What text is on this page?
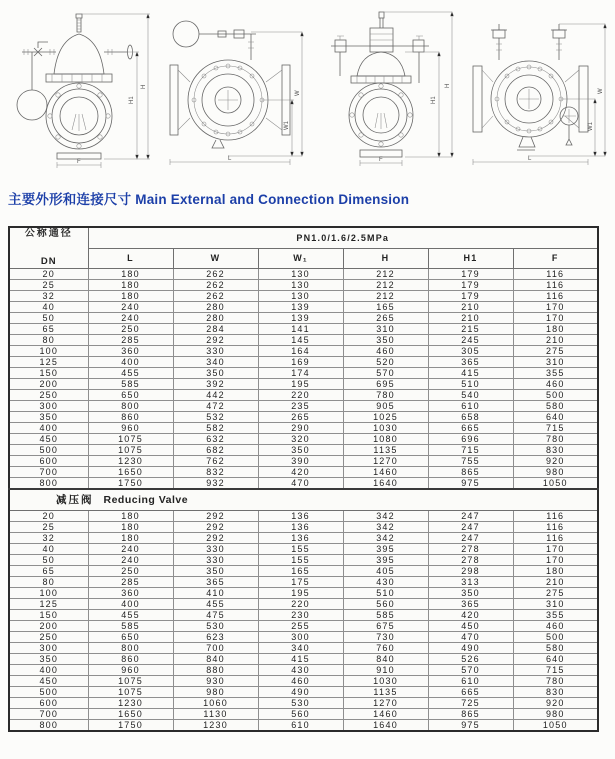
H1
H
F
W
W1
L
H1
H
F
W
W1
L
主要外形和连接尺寸 Main External and Connection Dimension
公称通径
DN	PN1.0/1.6/2.5MPa					
	L	W	W₁	H	H1	F
20	180	262	130	212	179	116
25	180	262	130	212	179	116
32	180	262	130	212	179	116
40	240	280	139	165	210	170
50	240	280	139	265	210	170
65	250	284	141	310	215	180
80	285	292	145	350	245	210
100	360	330	164	460	305	275
125	400	340	169	520	365	310
150	455	350	174	570	415	355
200	585	392	195	695	510	460
250	650	442	220	780	540	500
300	800	472	235	905	610	580
350	860	532	265	1025	658	640
400	960	582	290	1030	665	715
450	1075	632	320	1080	696	780
500	1075	682	350	1135	715	830
600	1230	762	390	1270	755	920
700	1650	832	420	1460	865	980
800	1750	932	470	1640	975	1050
减压阀 Reducing Valve						
20	180	292	136	342	247	116
25	180	292	136	342	247	116
32	180	292	136	342	247	116
40	240	330	155	395	278	170
50	240	330	155	395	278	170
65	250	350	165	405	298	180
80	285	365	175	430	313	210
100	360	410	195	510	350	275
125	400	455	220	560	365	310
150	455	475	230	585	420	355
200	585	530	255	675	450	460
250	650	623	300	730	470	500
300	800	700	340	760	490	580
350	860	840	415	840	526	640
400	960	880	430	910	570	715
450	1075	930	460	1030	610	780
500	1075	980	490	1135	665	830
600	1230	1060	530	1270	725	920
700	1650	1130	560	1460	865	980
800	1750	1230	610	1640	975	1050
